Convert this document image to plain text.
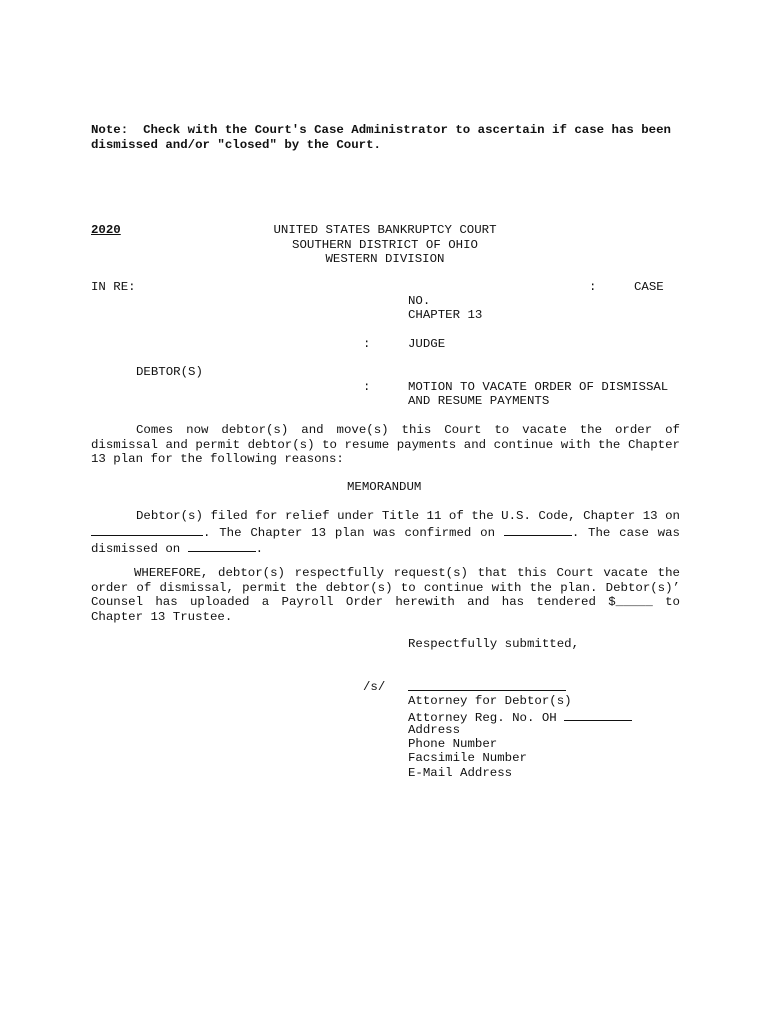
Note: Check with the Court's Case Administrator to ascertain if case has been
dismissed and/or "closed" by the Court.
2020	UNITED STATES BANKRUPTCY COURT
SOUTHERN DISTRICT OF OHIO
WESTERN DIVISION
IN RE:	:	CASE
NO.
CHAPTER 13
:	JUDGE
DEBTOR(S)
:	MOTION TO VACATE ORDER OF DISMISSAL
AND RESUME PAYMENTS
Comes now debtor(s) and move(s) this Court to vacate the order of dismissal and permit debtor(s) to resume payments and continue with the Chapter 13 plan for the following reasons:
MEMORANDUM
Debtor(s) filed for relief under Title 11 of the U.S. Code, Chapter 13 on . The Chapter 13 plan was confirmed on	. The case was dismissed on	.
WHEREFORE, debtor(s) respectfully request(s) that this Court vacate the order of dismissal, permit the debtor(s) to continue with the plan. Debtor(s)’ Counsel has uploaded a Payroll Order herewith and has tendered $_____ to Chapter 13 Trustee.
Respectfully submitted,
/s/
Attorney for Debtor(s)
Attorney Reg. No. OH
Address
Phone Number
Facsimile Number
E-Mail Address
